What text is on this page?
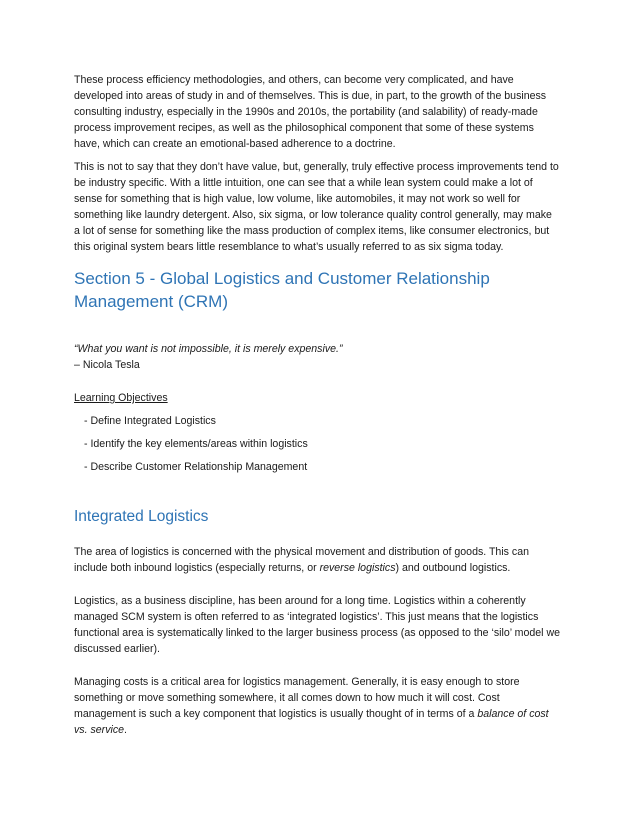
These process efficiency methodologies, and others, can become very complicated, and have developed into areas of study in and of themselves. This is due, in part, to the growth of the business consulting industry, especially in the 1990s and 2010s, the portability (and salability) of ready-made process improvement recipes, as well as the philosophical component that some of these systems have, which can create an emotional-based adherence to a doctrine.

This is not to say that they don’t have value, but, generally, truly effective process improvements tend to be industry specific. With a little intuition, one can see that a while lean system could make a lot of sense for something that is high value, low volume, like automobiles, it may not work so well for something like laundry detergent. Also, six sigma, or low tolerance quality control generally, may make a lot of sense for something like the mass production of complex items, like consumer electronics, but this original system bears little resemblance to what’s usually referred to as six sigma today.

Section 5 - Global Logistics and Customer Relationship Management (CRM)

“What you want is not impossible, it is merely expensive.”

– Nicola Tesla

Learning Objectives

- Define Integrated Logistics

- Identify the key elements/areas within logistics

- Describe Customer Relationship Management

Integrated Logistics

The area of logistics is concerned with the physical movement and distribution of goods. This can include both inbound logistics (especially returns, or reverse logistics) and outbound logistics.

Logistics, as a business discipline, has been around for a long time. Logistics within a coherently managed SCM system is often referred to as ‘integrated logistics’. This just means that the logistics functional area is systematically linked to the larger business process (as opposed to the ‘silo’ model we discussed earlier).

Managing costs is a critical area for logistics management. Generally, it is easy enough to store something or move something somewhere, it all comes down to how much it will cost. Cost management is such a key component that logistics is usually thought of in terms of a balance of cost vs. service.
